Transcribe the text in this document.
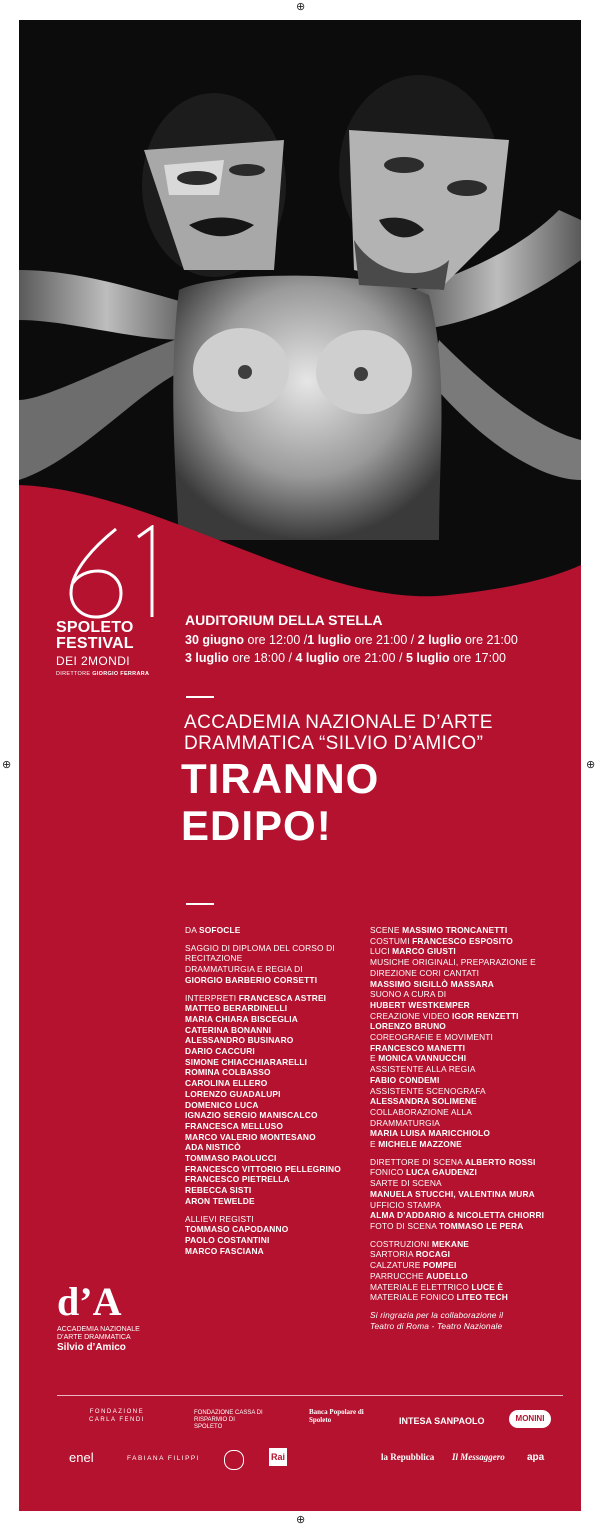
⊕
⊕
⊕	⊕
61
SPOLETO
FESTIVAL
DEI 2MONDI
DIRETTORE GIORGIO FERRARA
AUDITORIUM DELLA STELLA
30 giugno ore 12:00 /1 luglio ore 21:00 / 2 luglio ore 21:00
3 luglio ore 18:00 / 4 luglio ore 21:00 / 5 luglio ore 17:00
ACCADEMIA NAZIONALE D’ARTE
DRAMMATICA “SILVIO D’AMICO”
TIRANNO
EDIPO!
DA SOFOCLE
SAGGIO DI DIPLOMA DEL CORSO DI
RECITAZIONE
DRAMMATURGIA E REGIA DI
GIORGIO BARBERIO CORSETTI
INTERPRETI FRANCESCA ASTREI
MATTEO BERARDINELLI
MARIA CHIARA BISCEGLIA
CATERINA BONANNI
ALESSANDRO BUSINARO
DARIO CACCURI
SIMONE CHIACCHIARARELLI
ROMINA COLBASSO
CAROLINA ELLERO
LORENZO GUADALUPI
DOMENICO LUCA
IGNAZIO SERGIO MANISCALCO
FRANCESCA MELLUSO
MARCO VALERIO MONTESANO
ADA NISTICÒ
TOMMASO PAOLUCCI
FRANCESCO VITTORIO PELLEGRINO
FRANCESCO PIETRELLA
REBECCA SISTI
ARON TEWELDE
ALLIEVI REGISTI
TOMMASO CAPODANNO
PAOLO COSTANTINI
MARCO FASCIANA
SCENE MASSIMO TRONCANETTI
COSTUMI FRANCESCO ESPOSITO
LUCI MARCO GIUSTI
MUSICHE ORIGINALI, PREPARAZIONE E
DIREZIONE CORI CANTATI
MASSIMO SIGILLÒ MASSARA
SUONO A CURA DI
HUBERT WESTKEMPER
CREAZIONE VIDEO IGOR RENZETTI
LORENZO BRUNO
COREOGRAFIE E MOVIMENTI
FRANCESCO MANETTI
E MONICA VANNUCCHI
ASSISTENTE ALLA REGIA
FABIO CONDEMI
ASSISTENTE SCENOGRAFA
ALESSANDRA SOLIMENE
COLLABORAZIONE ALLA
DRAMMATURGIA
MARIA LUISA MARICCHIOLO
E MICHELE MAZZONE
DIRETTORE DI SCENA ALBERTO ROSSI
FONICO LUCA GAUDENZI
SARTE DI SCENA
MANUELA STUCCHI, VALENTINA MURA
UFFICIO STAMPA
ALMA D’ADDARIO & NICOLETTA CHIORRI
FOTO DI SCENA TOMMASO LE PERA
COSTRUZIONI MEKANE
SARTORIA ROCAGI
CALZATURE POMPEI
PARRUCCHE AUDELLO
MATERIALE ELETTRICO LUCE È
MATERIALE FONICO LITEO TECH
Si ringrazia per la collaborazione il
Teatro di Roma - Teatro Nazionale
d’A
ACCADEMIA NAZIONALE
D’ARTE DRAMMATICA
Silvio d’Amico
FONDAZIONE
CARLA FENDI
FONDAZIONE CASSA DI RISPARMIO DI SPOLETO
Banca Popolare di Spoleto	INTESA SANPAOLO	MONINI
enel	FABIANA FILIPPI	Rai	la Repubblica Il Messaggero apa
